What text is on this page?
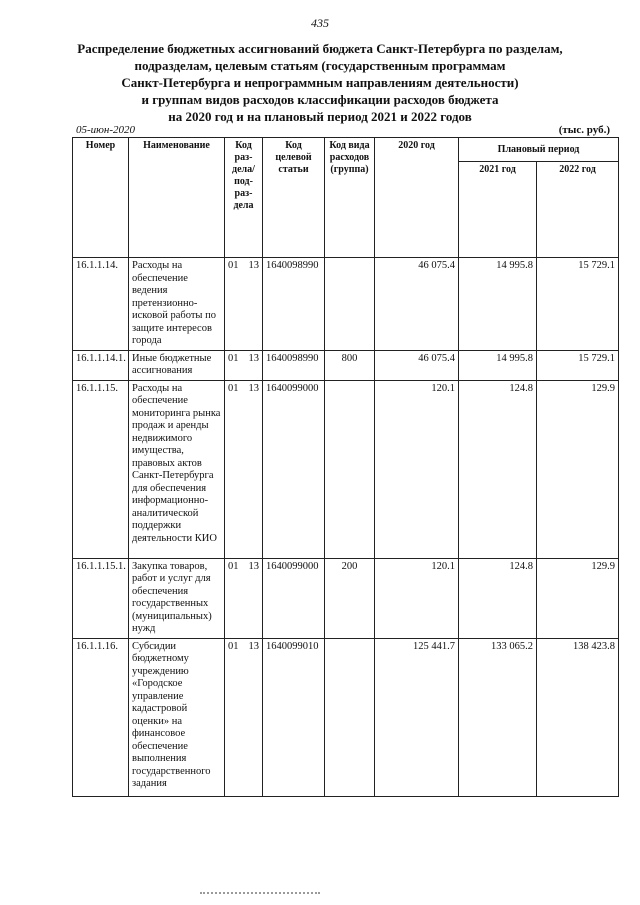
435
Распределение бюджетных ассигнований бюджета Санкт-Петербурга по разделам,
подразделам, целевым статьям (государственным программам
Санкт-Петербурга и непрограммным направлениям деятельности)
и группам видов расходов классификации расходов бюджета
на 2020 год и на плановый период 2021 и 2022 годов
05-июн-2020	(тыс. руб.)
Номер	Наименование	Код раз-дела/ под-раз-дела	Код целевой статьи	Код вида расходов (группа)	2020 год	Плановый период	
						2021 год	2022 год
16.1.1.14.	Расходы на обеспечение ведения претензионно-исковой работы по защите интересов города	01 13	1640098990		46 075.4	14 995.8	15 729.1
16.1.1.14.1.	Иные бюджетные ассигнования	01 13	1640098990	800	46 075.4	14 995.8	15 729.1
16.1.1.15.	Расходы на обеспечение мониторинга рынка продаж и аренды недвижимого имущества, правовых актов Санкт-Петербурга для обеспечения информационно-аналитической поддержки деятельности КИО	01 13	1640099000		120.1	124.8	129.9
16.1.1.15.1.	Закупка товаров, работ и услуг для обеспечения государственных (муниципальных) нужд	01 13	1640099000	200	120.1	124.8	129.9
16.1.1.16.	Субсидии бюджетному учреждению «Городское управление кадастровой оценки» на финансовое обеспечение выполнения государственного задания	01 13	1640099010		125 441.7	133 065.2	138 423.8
